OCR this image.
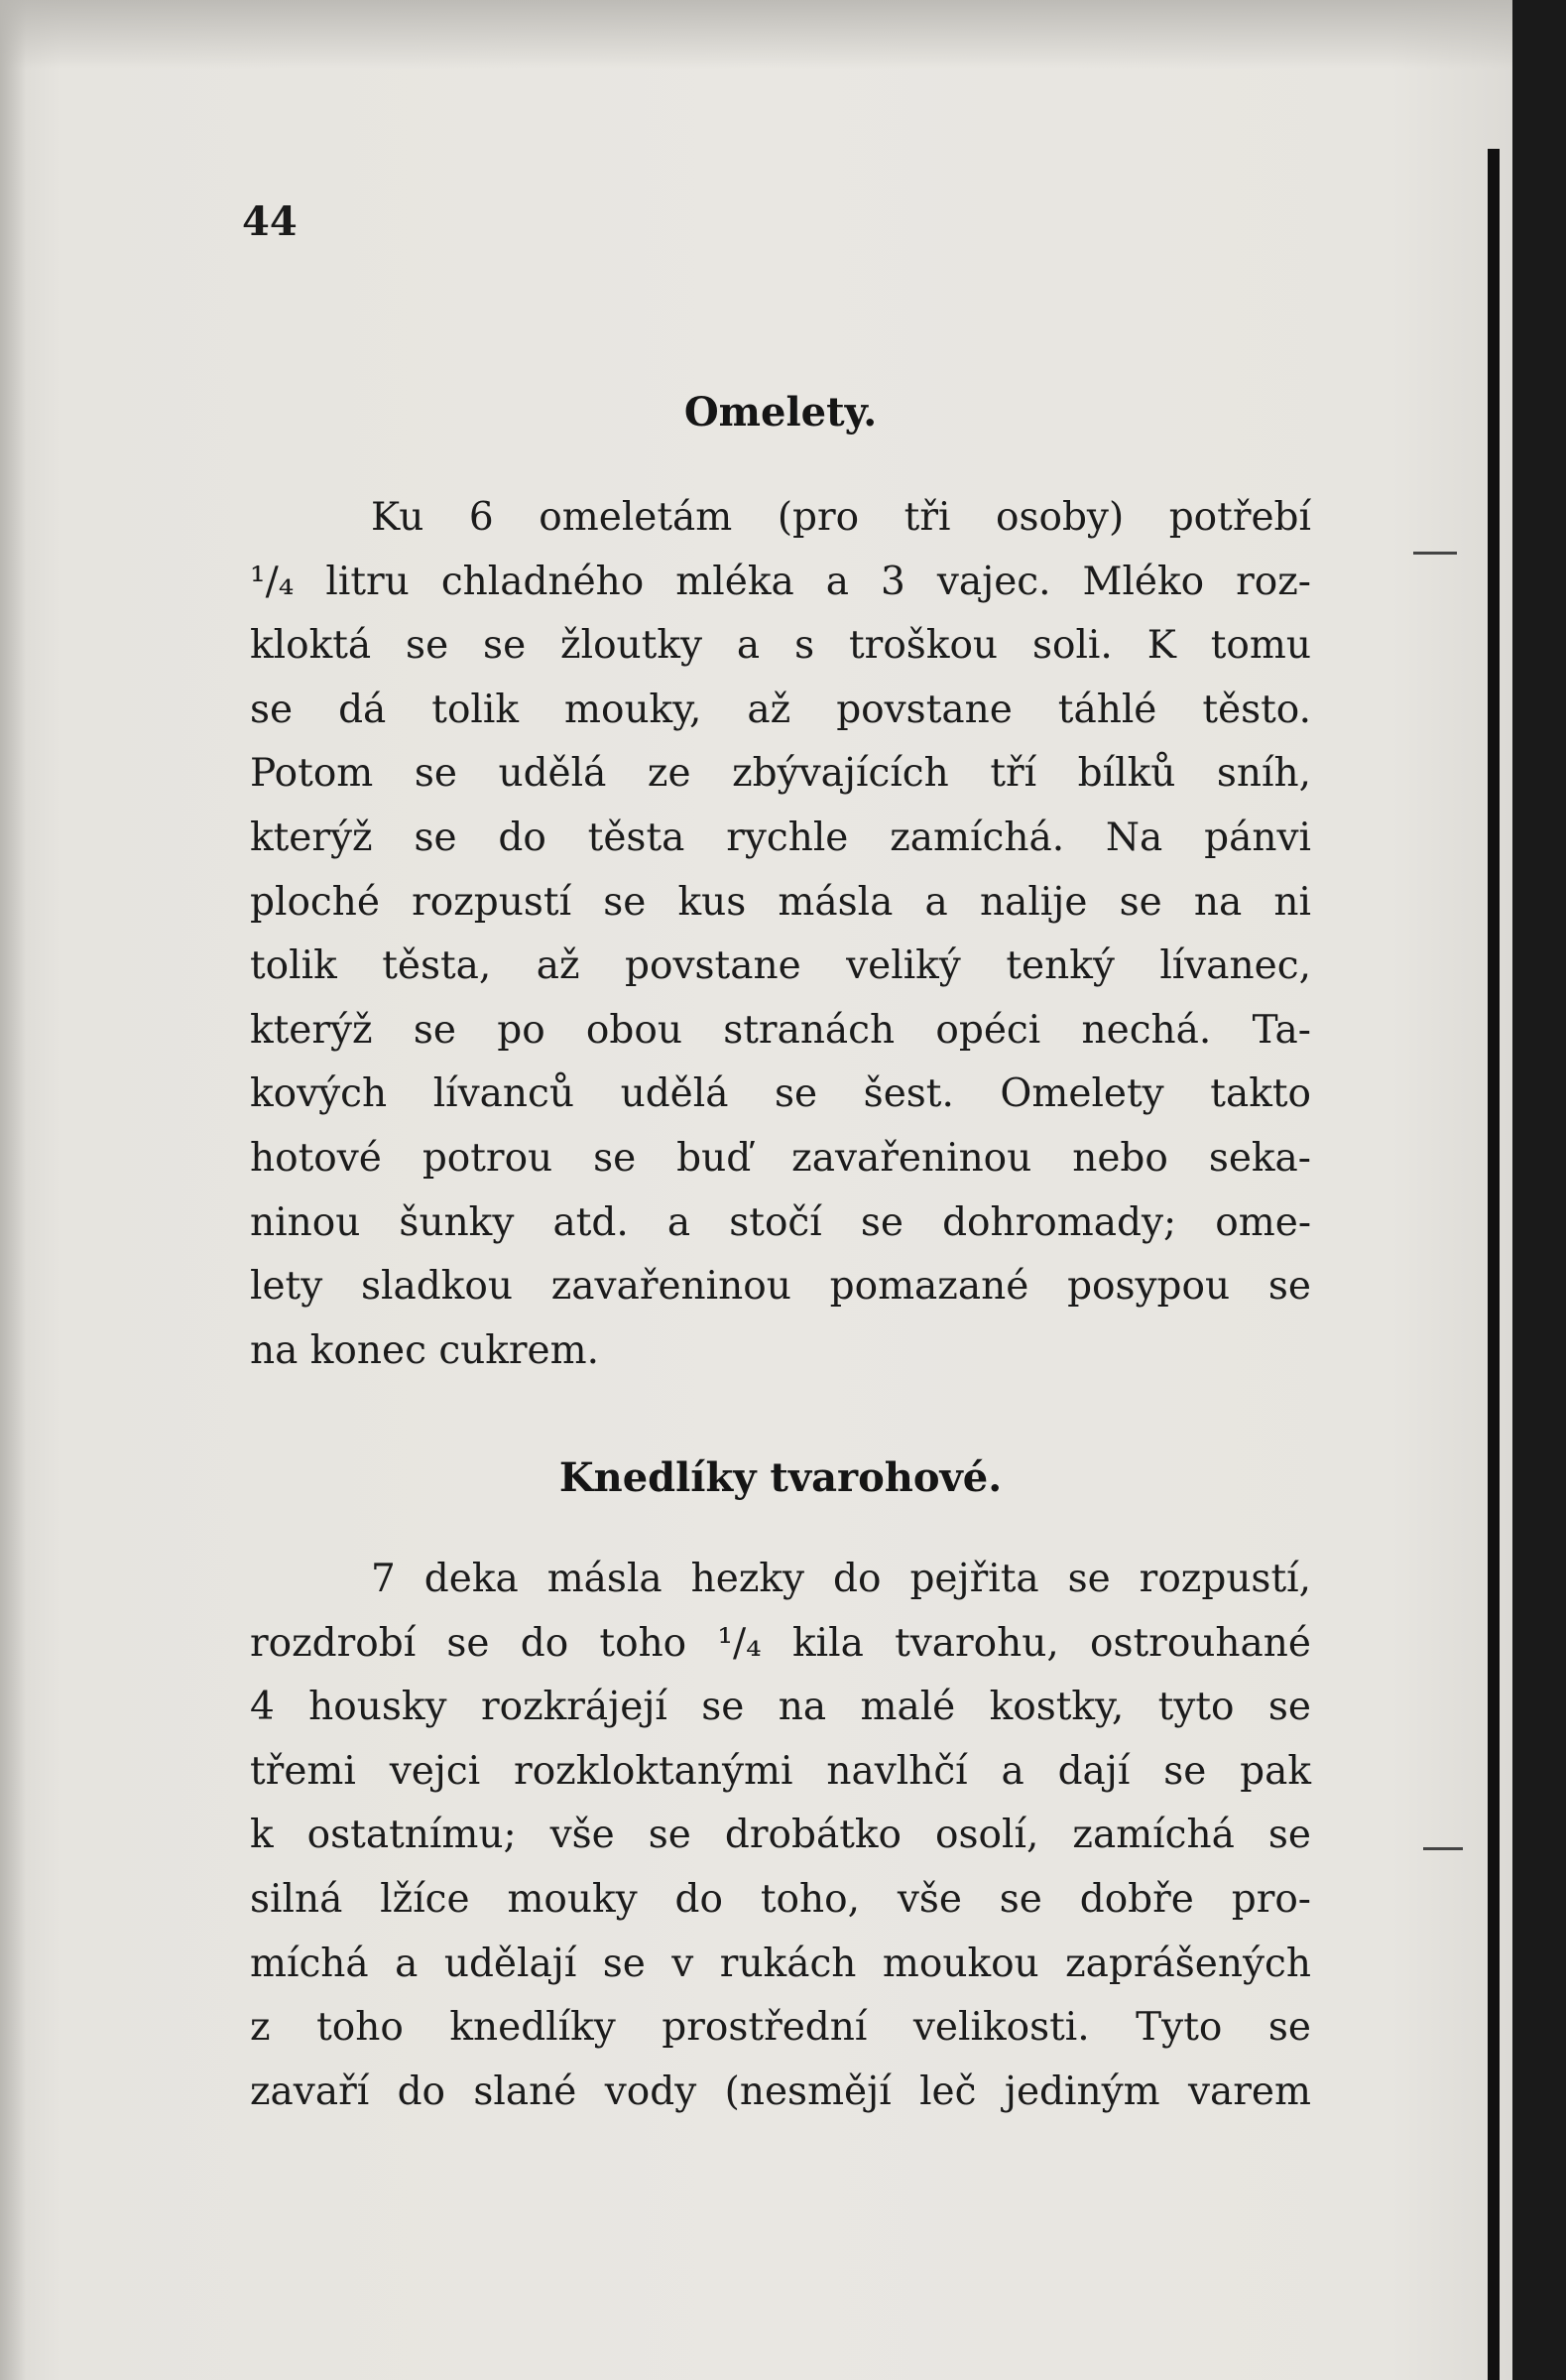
44
Omelety.
Ku 6 omeletám (pro tři osoby) potřebí
¹/₄ litru chladného mléka a 3 vajec. Mléko roz-
kloktá se se žloutky a s troškou soli. K tomu
se dá tolik mouky, až povstane táhlé těsto.
Potom se udělá ze zbývajících tří bílků sníh,
kterýž se do těsta rychle zamíchá. Na pánvi
ploché rozpustí se kus másla a nalije se na ni
tolik těsta, až povstane veliký tenký lívanec,
kterýž se po obou stranách opéci nechá. Ta-
kových lívanců udělá se šest. Omelety takto
hotové potrou se buď zavařeninou nebo seka-
ninou šunky atd. a stočí se dohromady; ome-
lety sladkou zavařeninou pomazané posypou se
na konec cukrem.
Knedlíky tvarohové.
7 deka másla hezky do pejřita se rozpustí,
rozdrobí se do toho ¹/₄ kila tvarohu, ostrouhané
4 housky rozkrájejí se na malé kostky, tyto se
třemi vejci rozkloktanými navlhčí a dají se pak
k ostatnímu; vše se drobátko osolí, zamíchá se
silná lžíce mouky do toho, vše se dobře pro-
míchá a udělají se v rukách moukou zaprášených
z toho knedlíky prostřední velikosti. Tyto se
zavaří do slané vody (nesmějí leč jediným varem
